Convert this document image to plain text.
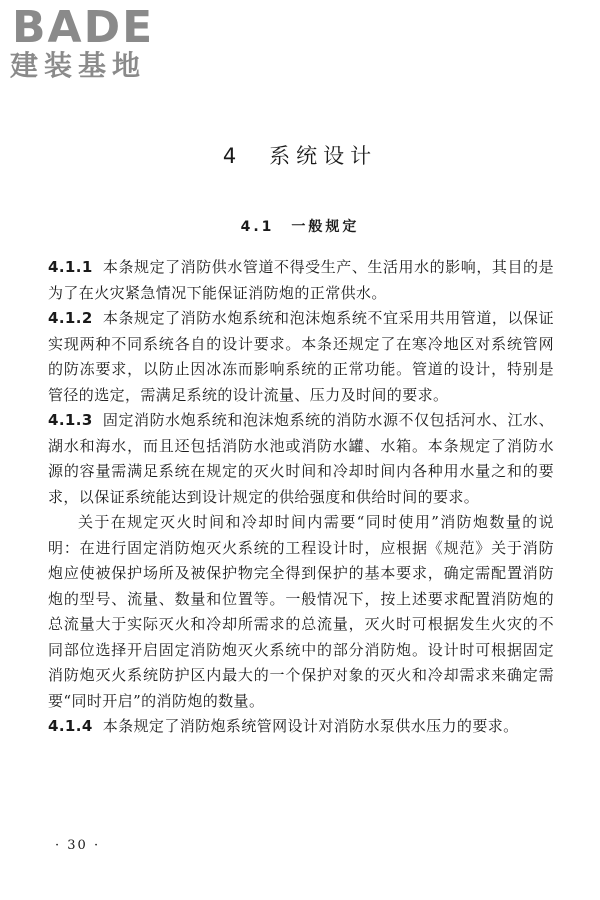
BADE
建装基地
4　系统设计
4.1　一般规定

4.1.1 本条规定了消防供水管道不得受生产、生活用水的影响，其目的是为了在火灾紧急情况下能保证消防炮的正常供水。

4.1.2 本条规定了消防水炮系统和泡沫炮系统不宜采用共用管道，以保证实现两种不同系统各自的设计要求。本条还规定了在寒冷地区对系统管网的防冻要求，以防止因冰冻而影响系统的正常功能。管道的设计，特别是管径的选定，需满足系统的设计流量、压力及时间的要求。

4.1.3 固定消防水炮系统和泡沫炮系统的消防水源不仅包括河水、江水、湖水和海水，而且还包括消防水池或消防水罐、水箱。本条规定了消防水源的容量需满足系统在规定的灭火时间和冷却时间内各种用水量之和的要求，以保证系统能达到设计规定的供给强度和供给时间的要求。

关于在规定灭火时间和冷却时间内需要“同时使用”消防炮数量的说明：在进行固定消防炮灭火系统的工程设计时，应根据《规范》关于消防炮应使被保护场所及被保护物完全得到保护的基本要求，确定需配置消防炮的型号、流量、数量和位置等。一般情况下，按上述要求配置消防炮的总流量大于实际灭火和冷却所需求的总流量，灭火时可根据发生火灾的不同部位选择开启固定消防炮灭火系统中的部分消防炮。设计时可根据固定消防炮灭火系统防护区内最大的一个保护对象的灭火和冷却需求来确定需要“同时开启”的消防炮的数量。

4.1.4 本条规定了消防炮系统管网设计对消防水泵供水压力的要求。

· 30 ·
